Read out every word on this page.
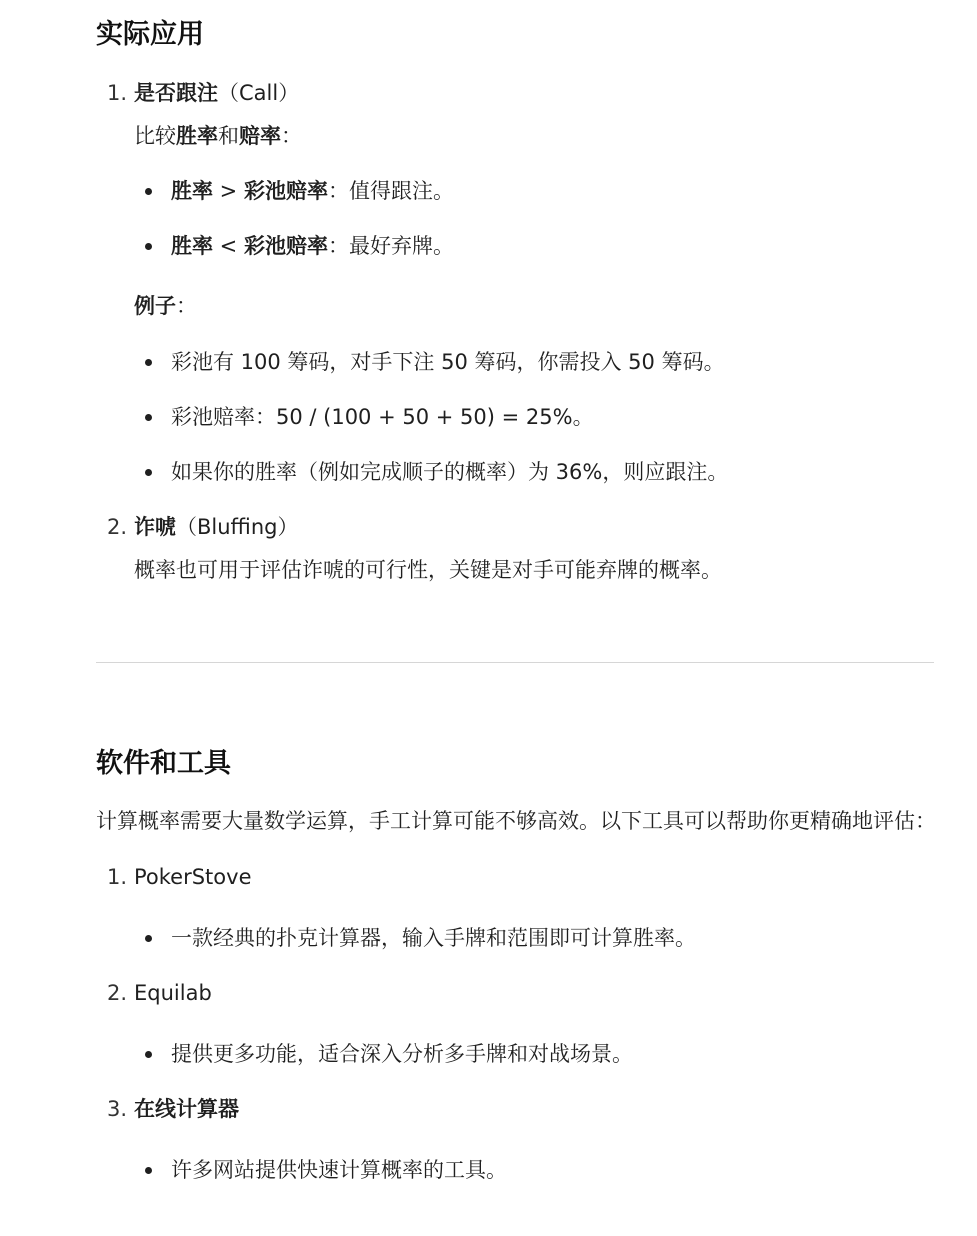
实际应用
1. 是否跟注（Call）
比较胜率和赔率：
胜率 > 彩池赔率：值得跟注。
胜率 < 彩池赔率：最好弃牌。
例子：
彩池有 100 筹码，对手下注 50 筹码，你需投入 50 筹码。
彩池赔率：50 / (100 + 50 + 50) = 25%。
如果你的胜率（例如完成顺子的概率）为 36%，则应跟注。
2. 诈唬（Bluffing）
概率也可用于评估诈唬的可行性，关键是对手可能弃牌的概率。
软件和工具
计算概率需要大量数学运算，手工计算可能不够高效。以下工具可以帮助你更精确地评估：
1. PokerStove
一款经典的扑克计算器，输入手牌和范围即可计算胜率。
2. Equilab
提供更多功能，适合深入分析多手牌和对战场景。
3. 在线计算器
许多网站提供快速计算概率的工具。
